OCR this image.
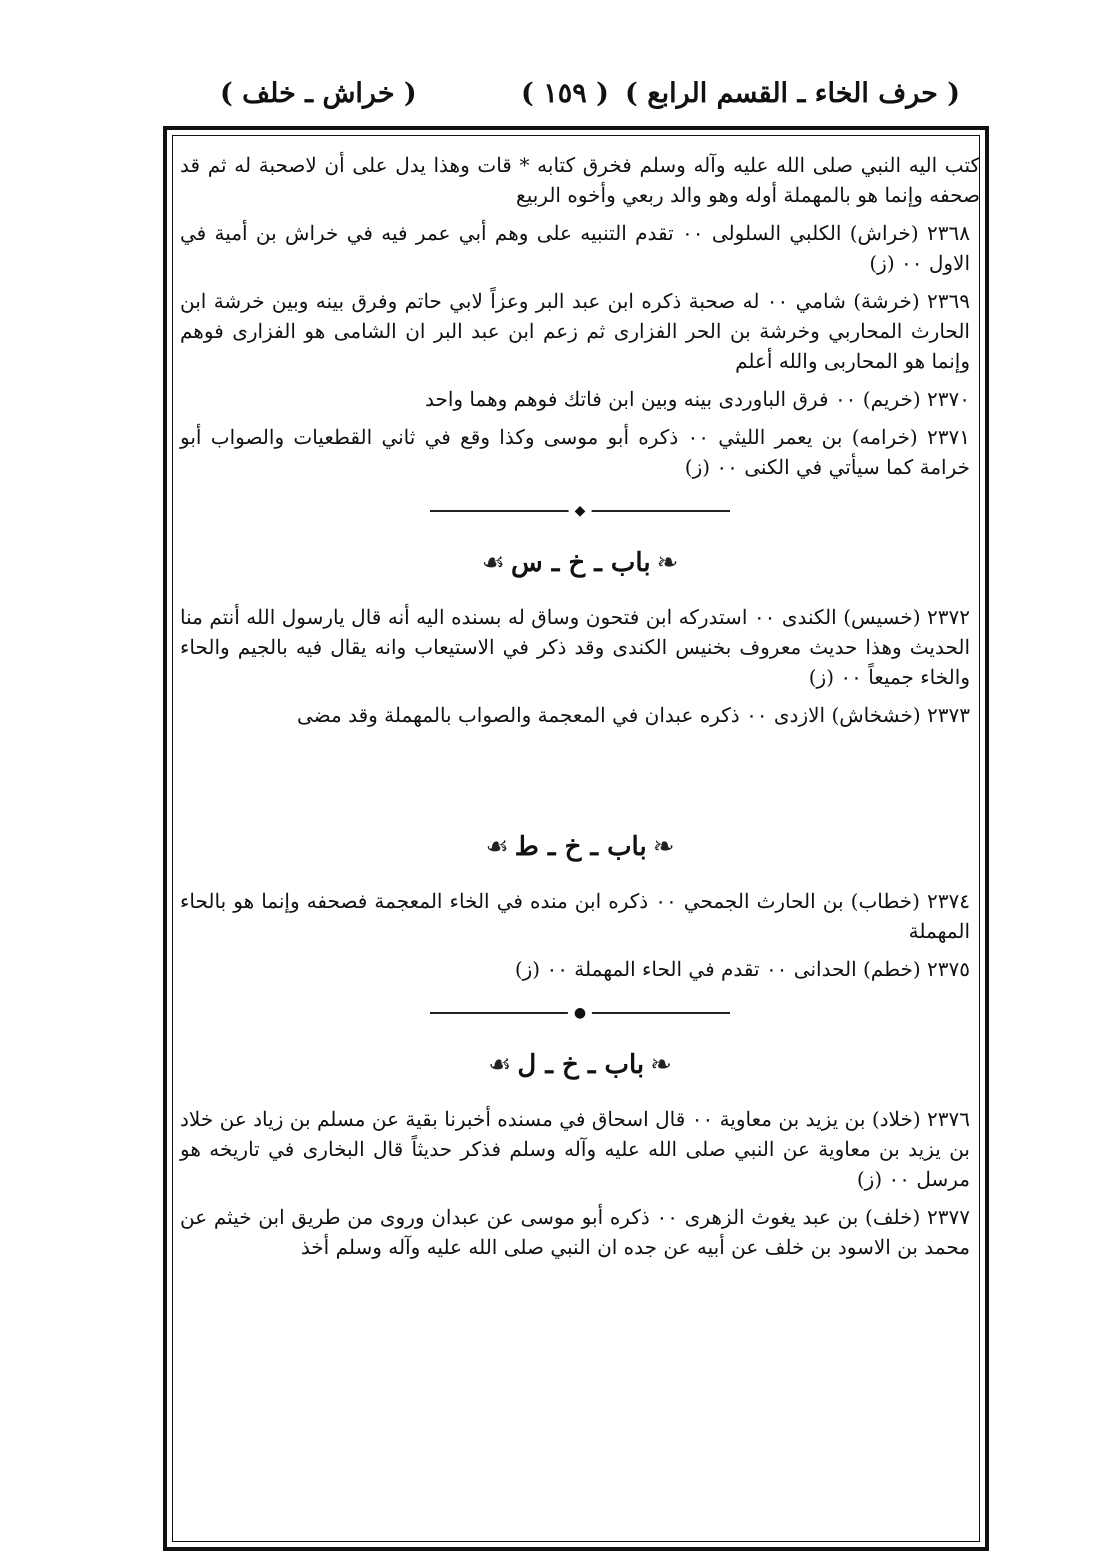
( حرف الخاء ـ القسم الرابع )
( ١٥٩ )
( خراش ـ خلف )

كتب اليه النبي صلى الله عليه وآله وسلم فخرق كتابه * قات وهذا يدل على أن لاصحبة له ثم قد صحفه وإنما هو بالمهملة أوله وهو والد ربعي وأخوه الربيع

٢٣٦٨ (خراش) الكلبي السلولى ٠٠ تقدم التنبيه على وهم أبي عمر فيه في خراش بن أمية في الاول ٠٠ (ز)

٢٣٦٩ (خرشة) شامي ٠٠ له صحبة ذكره ابن عبد البر وعزاً لابي حاتم وفرق بينه وبين خرشة ابن الحارث المحاربي وخرشة بن الحر الفزارى ثم زعم ابن عبد البر ان الشامى هو الفزارى فوهم وإنما هو المحاربى والله أعلم

٢٣٧٠ (خريم) ٠٠ فرق الباوردى بينه وبين ابن فاتك فوهم وهما واحد

٢٣٧١ (خرامه) بن يعمر الليثي ٠٠ ذكره أبو موسى وكذا وقع في ثاني القطعيات والصواب أبو خرامة كما سيأتي في الكنى ٠٠ (ز)

◆
❧باب ـ خ ـ س☙

٢٣٧٢ (خسيس) الكندى ٠٠ استدركه ابن فتحون وساق له بسنده اليه أنه قال يارسول الله أنتم منا الحديث وهذا حديث معروف بخنيس الكندى وقد ذكر في الاستيعاب وانه يقال فيه بالجيم والحاء والخاء جميعاً ٠٠ (ز)

٢٣٧٣ (خشخاش) الازدى ٠٠ ذكره عبدان في المعجمة والصواب بالمهملة وقد مضى

❧باب ـ خ ـ ط☙

٢٣٧٤ (خطاب) بن الحارث الجمحي ٠٠ ذكره ابن منده في الخاء المعجمة فصحفه وإنما هو بالحاء المهملة

٢٣٧٥ (خطم) الحدانى ٠٠ تقدم في الحاء المهملة ٠٠ (ز)

●
❧باب ـ خ ـ ل☙

٢٣٧٦ (خلاد) بن يزيد بن معاوية ٠٠ قال اسحاق في مسنده أخبرنا بقية عن مسلم بن زياد عن خلاد بن يزيد بن معاوية عن النبي صلى الله عليه وآله وسلم فذكر حديثاً قال البخارى في تاريخه هو مرسل ٠٠ (ز)

٢٣٧٧ (خلف) بن عبد يغوث الزهرى ٠٠ ذكره أبو موسى عن عبدان وروى من طريق ابن خيثم عن محمد بن الاسود بن خلف عن أبيه عن جده ان النبي صلى الله عليه وآله وسلم أخذ
